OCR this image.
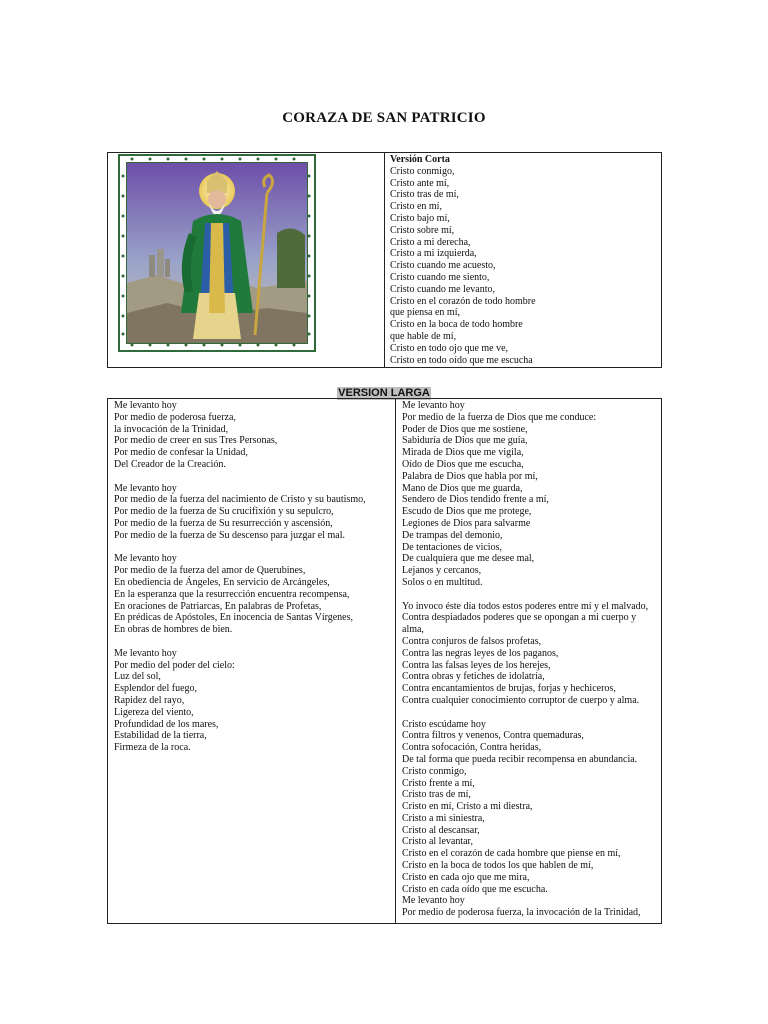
CORAZA DE SAN PATRICIO

Versión Corta
Cristo conmigo,
Cristo ante mí,
Cristo tras de mí,
Cristo en mí,
Cristo bajo mí,
Cristo sobre mí,
Cristo a mi derecha,
Cristo a mi izquierda,
Cristo cuando me acuesto,
Cristo cuando me siento,
Cristo cuando me levanto,
Cristo en el corazón de todo hombre
que piensa en mí,
Cristo en la boca de todo hombre
que hable de mí,
Cristo en todo ojo que me ve,
Cristo en todo oído que me escucha
VERSION LARGA
Me levanto hoy
Por medio de poderosa fuerza,
la invocación de la Trinidad,
Por medio de creer en sus Tres Personas,
Por medio de confesar la Unidad,
Del Creador de la Creación.
Me levanto hoy
Por medio de la fuerza del nacimiento de Cristo y su bautismo,
Por medio de la fuerza de Su crucifixión y su sepulcro,
Por medio de la fuerza de Su resurrección y ascensión,
Por medio de la fuerza de Su descenso para juzgar el mal.
Me levanto hoy
Por medio de la fuerza del amor de Querubines,
En obediencia de Ángeles, En servicio de Arcángeles,
En la esperanza que la resurrección encuentra recompensa,
En oraciones de Patriarcas, En palabras de Profetas,
En prédicas de Apóstoles, En inocencia de Santas Vírgenes,
En obras de hombres de bien.
Me levanto hoy
Por medio del poder del cielo:
Luz del sol,
Esplendor del fuego,
Rapidez del rayo,
Ligereza del viento,
Profundidad de los mares,
Estabilidad de la tierra,
Firmeza de la roca.

Me levanto hoy
Por medio de la fuerza de Dios que me conduce:
Poder de Dios que me sostiene,
Sabiduría de Dios que me guía,
Mirada de Dios que me vigila,
Oído de Dios que me escucha,
Palabra de Dios que habla por mí,
Mano de Dios que me guarda,
Sendero de Dios tendido frente a mí,
Escudo de Dios que me protege,
Legiones de Dios para salvarme
De trampas del demonio,
De tentaciones de vicios,
De cualquiera que me desee mal,
Lejanos y cercanos,
Solos o en multitud.
Yo invoco éste día todos estos poderes entre mí y el malvado,
Contra despiadados poderes que se opongan a mi cuerpo y
alma,
Contra conjuros de falsos profetas,
Contra las negras leyes de los paganos,
Contra las falsas leyes de los herejes,
Contra obras y fetiches de idolatría,
Contra encantamientos de brujas, forjas y hechiceros,
Contra cualquier conocimiento corruptor de cuerpo y alma.
Cristo escúdame hoy
Contra filtros y venenos, Contra quemaduras,
Contra sofocación, Contra heridas,
De tal forma que pueda recibir recompensa en abundancia.
Cristo conmigo,
Cristo frente a mí,
Cristo tras de mí,
Cristo en mí, Cristo a mi diestra,
Cristo a mi siniestra,
Cristo al descansar,
Cristo al levantar,
Cristo en el corazón de cada hombre que piense en mí,
Cristo en la boca de todos los que hablen de mí,
Cristo en cada ojo que me mira,
Cristo en cada oído que me escucha.
Me levanto hoy
Por medio de poderosa fuerza, la invocación de la Trinidad,
